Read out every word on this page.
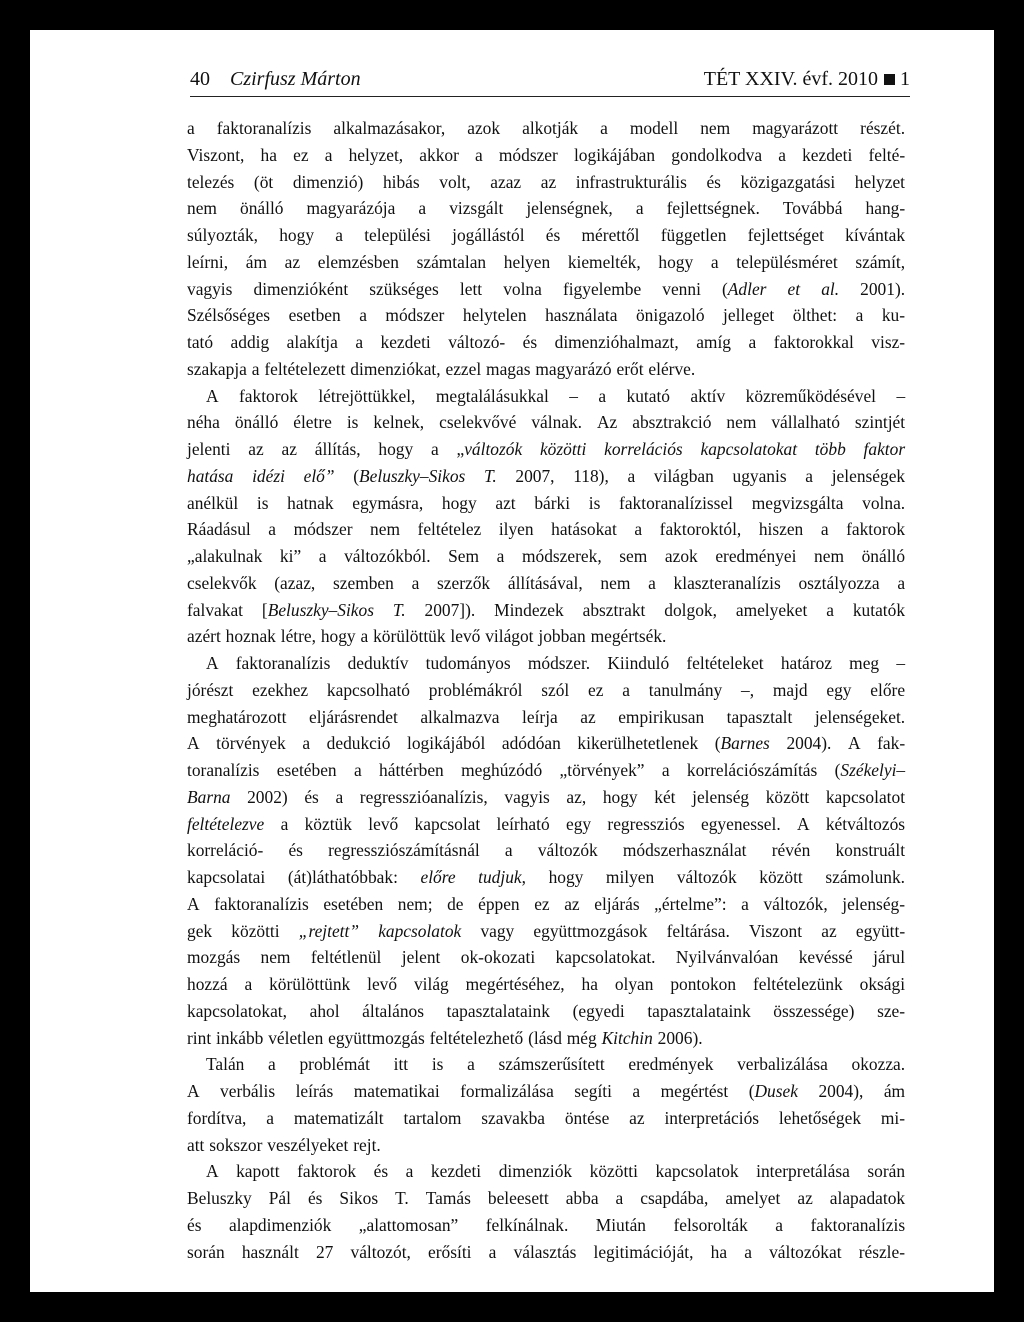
40 Czirfusz Márton	TÉT XXIV. évf. 2010 1
a faktoranalízis alkalmazásakor, azok alkotják a modell nem magyarázott részét.
Viszont, ha ez a helyzet, akkor a módszer logikájában gondolkodva a kezdeti felté-
telezés (öt dimenzió) hibás volt, azaz az infrastrukturális és közigazgatási helyzet
nem önálló magyarázója a vizsgált jelenségnek, a fejlettségnek. Továbbá hang-
súlyozták, hogy a települési jogállástól és mérettől független fejlettséget kívántak
leírni, ám az elemzésben számtalan helyen kiemelték, hogy a településméret számít,
vagyis dimenzióként szükséges lett volna figyelembe venni (Adler et al. 2001).
Szélsőséges esetben a módszer helytelen használata önigazoló jelleget ölthet: a ku-
tató addig alakítja a kezdeti változó- és dimenzióhalmazt, amíg a faktorokkal visz-
szakapja a feltételezett dimenziókat, ezzel magas magyarázó erőt elérve.
A faktorok létrejöttükkel, megtalálásukkal – a kutató aktív közreműködésével –
néha önálló életre is kelnek, cselekvővé válnak. Az absztrakció nem vállalható szintjét
jelenti az az állítás, hogy a „változók közötti korrelációs kapcsolatokat több faktor
hatása idézi elő” (Beluszky–Sikos T. 2007, 118), a világban ugyanis a jelenségek
anélkül is hatnak egymásra, hogy azt bárki is faktoranalízissel megvizsgálta volna.
Ráadásul a módszer nem feltételez ilyen hatásokat a faktoroktól, hiszen a faktorok
„alakulnak ki” a változókból. Sem a módszerek, sem azok eredményei nem önálló
cselekvők (azaz, szemben a szerzők állításával, nem a klaszteranalízis osztályozza a
falvakat [Beluszky–Sikos T. 2007]). Mindezek absztrakt dolgok, amelyeket a kutatók
azért hoznak létre, hogy a körülöttük levő világot jobban megértsék.
A faktoranalízis deduktív tudományos módszer. Kiinduló feltételeket határoz meg –
jórészt ezekhez kapcsolható problémákról szól ez a tanulmány –, majd egy előre
meghatározott eljárásrendet alkalmazva leírja az empirikusan tapasztalt jelenségeket.
A törvények a dedukció logikájából adódóan kikerülhetetlenek (Barnes 2004). A fak-
toranalízis esetében a háttérben meghúzódó „törvények” a korrelációszámítás (Székelyi–
Barna 2002) és a regresszióanalízis, vagyis az, hogy két jelenség között kapcsolatot
feltételezve a köztük levő kapcsolat leírható egy regressziós egyenessel. A kétváltozós
korreláció- és regressziószámításnál a változók módszerhasználat révén konstruált
kapcsolatai (át)láthatóbbak: előre tudjuk, hogy milyen változók között számolunk.
A faktoranalízis esetében nem; de éppen ez az eljárás „értelme”: a változók, jelenség-
gek közötti „rejtett” kapcsolatok vagy együttmozgások feltárása. Viszont az együtt-
mozgás nem feltétlenül jelent ok-okozati kapcsolatokat. Nyilvánvalóan kevéssé járul
hozzá a körülöttünk levő világ megértéséhez, ha olyan pontokon feltételezünk oksági
kapcsolatokat, ahol általános tapasztalataink (egyedi tapasztalataink összessége) sze-
rint inkább véletlen együttmozgás feltételezhető (lásd még Kitchin 2006).
Talán a problémát itt is a számszerűsített eredmények verbalizálása okozza.
A verbális leírás matematikai formalizálása segíti a megértést (Dusek 2004), ám
fordítva, a matematizált tartalom szavakba öntése az interpretációs lehetőségek mi-
att sokszor veszélyeket rejt.
A kapott faktorok és a kezdeti dimenziók közötti kapcsolatok interpretálása során
Beluszky Pál és Sikos T. Tamás beleesett abba a csapdába, amelyet az alapadatok
és alapdimenziók „alattomosan” felkínálnak. Miután felsorolták a faktoranalízis
során használt 27 változót, erősíti a választás legitimációját, ha a változókat részle-
